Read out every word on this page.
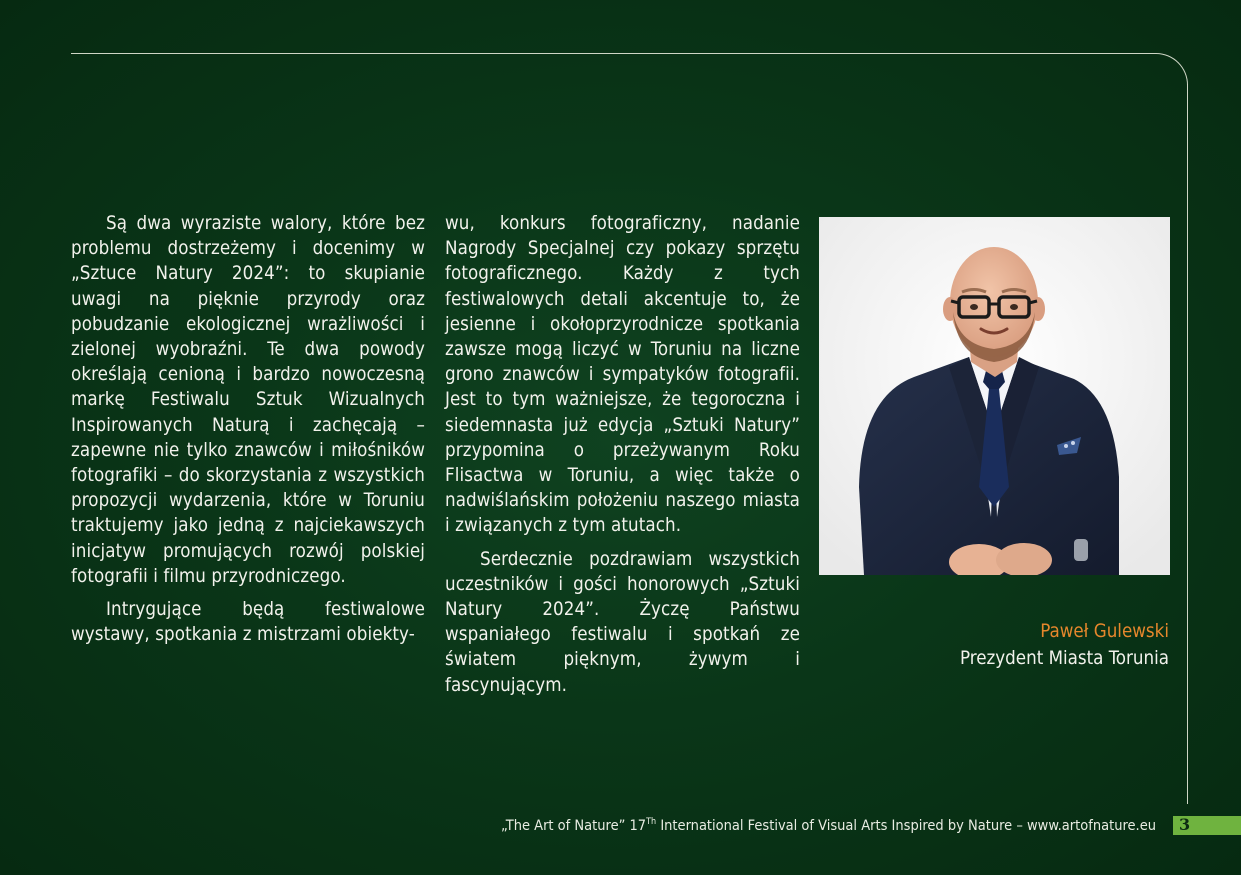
Są dwa wyraziste walory, które bez problemu dostrzeżemy i docenimy w „Sztuce Natury 2024”: to skupianie uwagi na pięknie przyrody oraz pobudzanie ekologicznej wrażliwości i zielonej wyobraźni. Te dwa powody określają cenioną i bardzo nowoczesną markę Festiwalu Sztuk Wizualnych Inspirowanych Naturą i zachęcają – zapewne nie tylko znawców i miłośników fotografiki – do skorzystania z wszystkich propozycji wydarzenia, które w Toruniu traktujemy jako jedną z najciekawszych inicjatyw promujących rozwój polskiej fotografii i filmu przyrodniczego.

Intrygujące będą festiwalowe wystawy, spotkania z mistrzami obiekty-

wu, konkurs fotograficzny, nadanie Nagrody Specjalnej czy pokazy sprzętu fotograficznego. Każdy z tych festiwalowych detali akcentuje to, że jesienne i okołoprzyrodnicze spotkania zawsze mogą liczyć w Toruniu na liczne grono znawców i sympatyków fotografii. Jest to tym ważniejsze, że tegoroczna i siedemnasta już edycja „Sztuki Natury” przypomina o przeżywanym Roku Flisactwa w Toruniu, a więc także o nadwiślańskim położeniu naszego miasta i związanych z tym atutach.

Serdecznie pozdrawiam wszystkich uczestników i gości honorowych „Sztuki Natury 2024”. Życzę Państwu wspaniałego festiwalu i spotkań ze światem pięknym, żywym i fascynującym.

Paweł Gulewski
Prezydent Miasta Torunia
„The Art of Nature” 17Th International Festival of Visual Arts Inspired by Nature – www.artofnature.eu 3
